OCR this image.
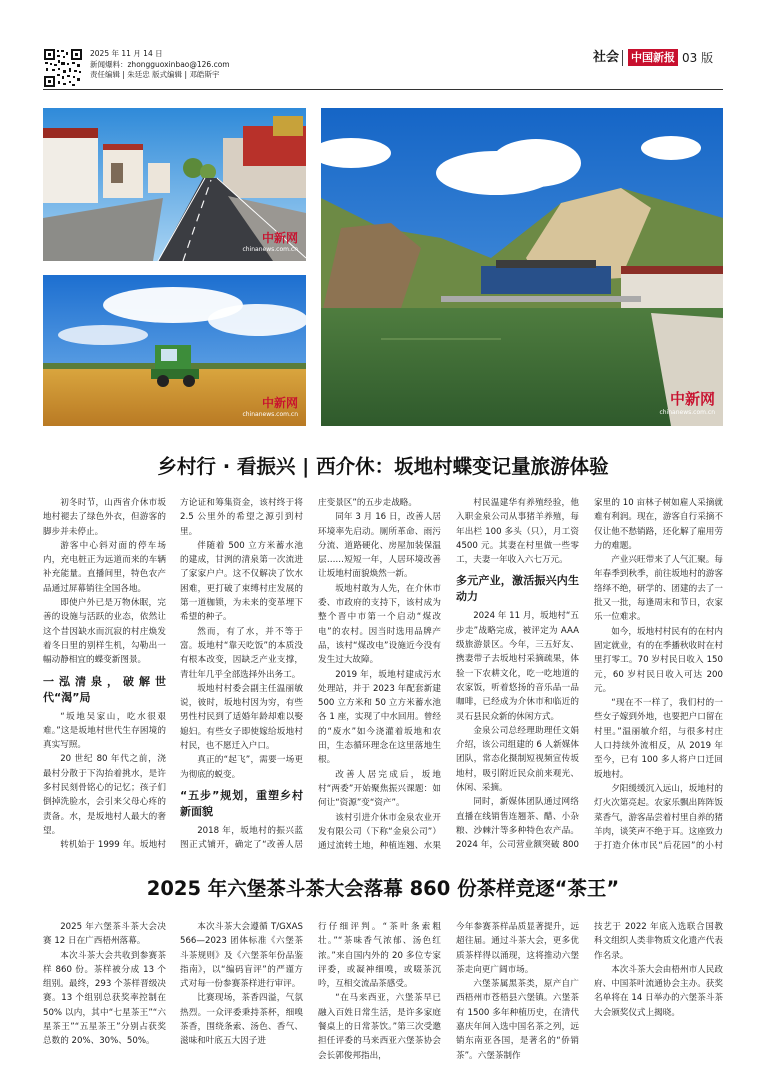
2025 年 11 月 14 日
新闻爆料：zhongguoxinbao@126.com
责任编辑 | 朱廷忠 版式编辑 | 邓皓斯宇
社会 中国新报 03 版
中新网
chinanews.com.cn
中新网
chinanews.com.cn
中新网
chinanews.com.cn
乡村行 · 看振兴 | 西介休：坂地村蝶变记量旅游体验

初冬时节，山西省介休市坂地村褪去了绿色外衣，但游客的脚步并未停止。

游客中心斜对面的停车场内，充电桩正为远道而来的车辆补充能量。直播间里，特色农产品通过屏幕销往全国各地。

即使户外已是万物休眠，完善的设施与活跃的业态，依然让这个昔因缺水而沉寂的村庄焕发着冬日里的别样生机，勾勒出一幅动静相宜的蝶变新图景。

一泓清泉，破解世代“渴”局

“坂地吴家山，吃水很艰难。”这是坂地村世代生存困境的真实写照。

20 世纪 80 年代之前，浇最村分散于下沟抬着挑水，是许多村民刻骨铭心的记忆；孩子们倒掉洗脸水，会引来父母心疼的责备。水，是坂地村人最大的奢望。

转机始于 1999 年。坂地村

方论证和筹集资金，该村终于将 2.5 公里外的希望之源引到村里。

伴随着 500 立方米蓄水池的建成，甘洌的清泉第一次流进了家家户户。这不仅解决了饮水困难，更打破了束缚村庄发展的第一道枷锁，为未来的变革埋下希望的种子。

然而，有了水，并不等于富。坂地村“靠天吃饭”的本质没有根本改变，因缺乏产业支撑，青壮年几乎全部选择外出务工。

坂地村村委会副主任温丽敏说，彼时，坂地村因为穷，有些男性村民到了适婚年龄却难以娶媳妇。有些女子即使嫁给坂地村村民，也不愿迁入户口。

真正的“起飞”，需要一场更为彻底的蜕变。

“五步”规划，重塑乡村新面貌

2018 年，坂地村的振兴蓝图正式铺开，确定了“改善人居

庄变景区”的五步走战略。

同年 3 月 16 日，改善人居环境率先启动。厕所革命、雨污分流、道路硬化、房屋加装保温层……短短一年，人居环境改善让坂地村面貌焕然一新。

坂地村敢为人先，在介休市委、市政府的支持下，该村成为整个晋中市第一个启动“煤改电”的农村。因当时选用品牌产品，该村“煤改电”设施近今没有发生过大故障。

2019 年，坂地村建成污水处理站，并于 2023 年配套新建 500 立方米和 50 立方米蓄水池各 1 座，实现了中水回用。曾经的“废水”如今浇灌着坂地和农田，生态循环理念在这里落地生根。

改善人居完成后，坂地村“两委”开始聚焦振兴课题：如何让“资源”变“资产”。

该村引进介休市金泉农业开发有限公司（下称“金泉公司”）通过流转土地，种植连翘、水果

村民温建华有养殖经验，他入职金泉公司从事猪羊养殖，每年出栏 100 多头（只），月工资 4500 元。其妻在村里做一些零工，夫妻一年收入六七万元。

多元产业，激活振兴内生动力

2024 年 11 月，坂地村“五步走”战略完成，被评定为 AAA 级旅游景区。今年，三五好友、携妻带子去坂地村采摘疏果，体验一下农耕文化，吃一吃地道的农家饭，听着悠扬的音乐品一品咖啡，已经成为介休市和临近的灵石县民众新的休闲方式。

金泉公司总经理助理任文娟介绍，该公司组建的 6 人新媒体团队，常态化摄制短视频宣传坂地村，吸引附近民众前来观光、休闲、采摘。

同时，新媒体团队通过网络直播在线销售连翘茶、醋、小杂粮、沙棘汁等多种特色农产品。2024 年，公司营业额突破 800

家里的 10 亩林子树如雇人采摘就难有利润。现在，游客自行采摘不仅让他不愁销路，还化解了雇用劳力的难题。

产业兴旺带来了人气汇聚。每年春季到秋季，前往坂地村的游客络绎不绝，研学的、团建的去了一批又一批，每逢周末和节日，农家乐一位难求。

如今，坂地村村民有的在村内固定就业，有的在季播秋收时在村里打零工。70 岁村民日收入 150 元，60 岁村民日收入可达 200 元。

“现在不一样了，我们村的一些女子嫁到外地，也要把户口留在村里。”温丽敏介绍，与很多村庄人口持续外流相反，从 2019 年至今，已有 100 多人将户口迁回坂地村。

夕阳缓缓沉入远山，坂地村的灯火次第亮起。农家乐飘出阵阵饭菜香气，游客品尝着村里自养的猪羊肉，谈笑声不绝于耳。这座致力于打造介休市民“后花园”的小村

2025 年六堡茶斗茶大会落幕 860 份茶样竞逐“茶王”

2025 年六堡茶斗茶大会决赛 12 日在广西梧州落幕。

本次斗茶大会共收到参赛茶样 860 份。茶样被分成 13 个组别。最终，293 个茶样晋级决赛。13 个组别总获奖率控制在 50% 以内，其中“七星茶王”“六星茶王”“五星茶王”分别占获奖总数的 20%、30%、50%。

本次斗茶大会遵循 T/GXAS 566—2023 团体标准《六堡茶斗茶规则》及《六堡茶年份品鉴指南》，以“编码盲评”的严谨方式对每一份参赛茶样进行审评。

比赛现场，茶香四溢，气氛热烈。一众评委秉持茶杯，细嗅茶香，围绕条索、汤色、香气、滋味和叶底五大因子进

行仔细评判。“茶叶条索粗壮。”“茶味香气浓郁、汤色红浓。”来自国内外的 20 多位专家评委，或凝神细嗅，或啜茶沉吟，互相交流品茶感受。

“在马来西亚，六堡茶早已融入百姓日常生活，是许多家庭餐桌上的日常茶饮。”第三次受邀担任评委的马来西亚六堡茶协会会长郭俊邦指出，

今年参赛茶样品质显著提升，远超往届。通过斗茶大会，更多优质茶样得以涌现，这将推动六堡茶走向更广阔市场。

六堡茶属黑茶类，原产自广西梧州市苍梧县六堡镇。六堡茶有 1500 多年种植历史，在清代嘉庆年间入选中国名茶之列，远销东南亚各国，是著名的“侨销茶”。六堡茶制作

技艺于 2022 年底入选联合国教科文组织人类非物质文化遗产代表作名录。

本次斗茶大会由梧州市人民政府、中国茶叶流通协会主办。获奖名单将在 14 日举办的六堡茶斗茶大会颁奖仪式上揭晓。
